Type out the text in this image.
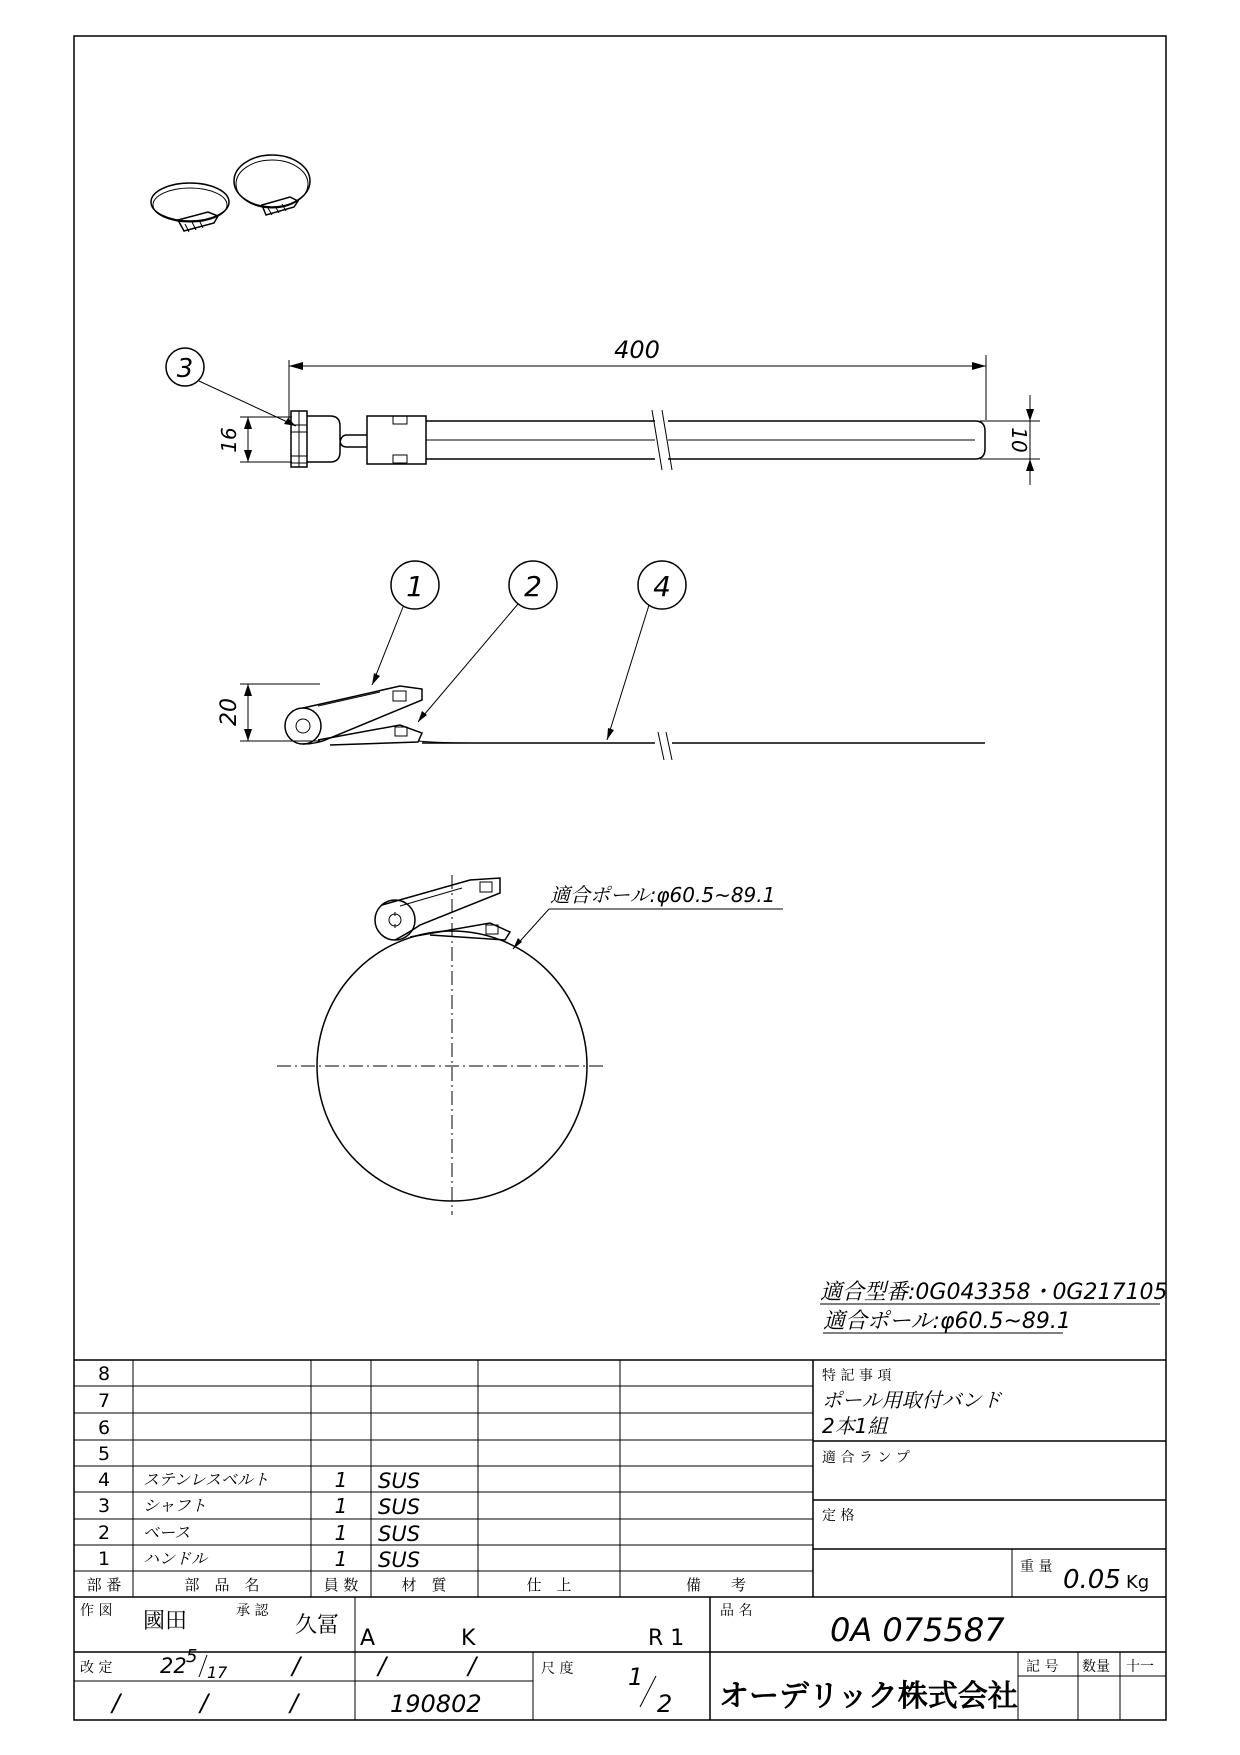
3
400
16	10
1	2	4
20
適合ポール:φ60.5~89.1
適合型番:0G043358・0G217105
適合ポール:φ60.5~89.1
8
7
6
5
4 ステンレスベルト	1 SUS
3 シャフト	1 SUS
2 ベース	1 SUS
1 ハンドル	1 SUS
部 番	部　品　名	員 数	材　質	仕　上	備　　考
特 記 事 項
ポール用取付バンド
2本1組
適 合 ラ ン プ
定 格
重 量 0.05 Kg
作 図 國田	承 認
久冨
A	K	R 1
品 名 0A 075587
改 定 22 5
17	/	/	/
/	/	/	190802
尺 度 1
2 オーデリック株式会社
記 号 数量 十一
